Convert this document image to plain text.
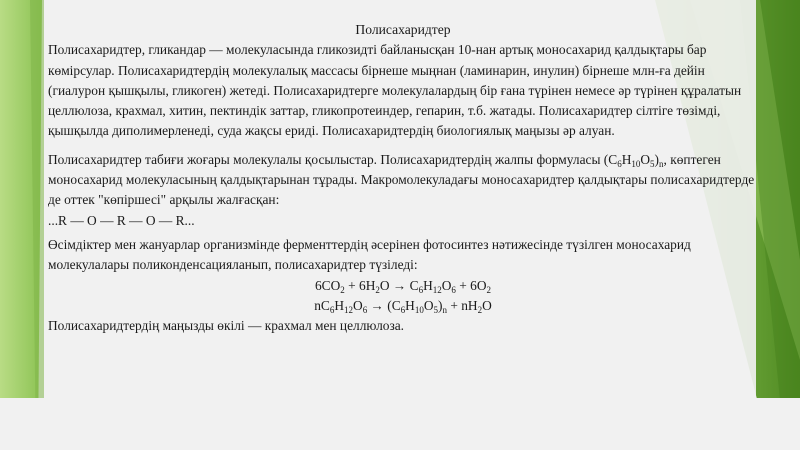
Полисахаридтер

Полисахаридтер, гликандар — молекуласында гликозидті байланысқан 10-нан артық моносахарид қалдықтары бар көмірсулар. Полисахаридтердің молекулалық массасы бірнеше мыңнан (ламинарин, инулин) бірнеше млн-ға дейін (гиалурон қышқылы, гликоген) жетеді. Полисахаридтерге молекулалардың бір ғана түрінен немесе әр түрінен құралатын целлюлоза, крахмал, хитин, пектиндік заттар, гликопротеиндер, гепарин, т.б. жатады. Полисахаридтер сілтіге төзімді, қышқылда диполимерленеді, суда жақсы ериді. Полисахаридтердің биологиялық маңызы әр алуан.

Полисахаридтер табиғи жоғары молекулалы қосылыстар. Полисахаридтердің жалпы формуласы $(C_6H_{10}O_5)_n$, көптеген моносахарид молекуласының қалдықтарынан тұрады. Макромолекуладағы моносахаридтер қалдықтары полисахаридтерде де оттек "көпіршесі" арқылы жалғасқан:

...R — O — R — O — R...

Өсімдіктер мен жануарлар организмінде ферменттердің әсерінен фотосинтез нәтижесінде түзілген моносахарид молекулалары поликонденсацияланып, полисахаридтер түзіледі:

$6CO_2 + 6H_2O \to C_6H_{12}O_6 + 6O_2$

$nC_6H_{12}O_6 \to (C_6H_{10}O_5)_n + nH_2O$

Полисахаридтердің маңызды өкілі — крахмал мен целлюлоза.
